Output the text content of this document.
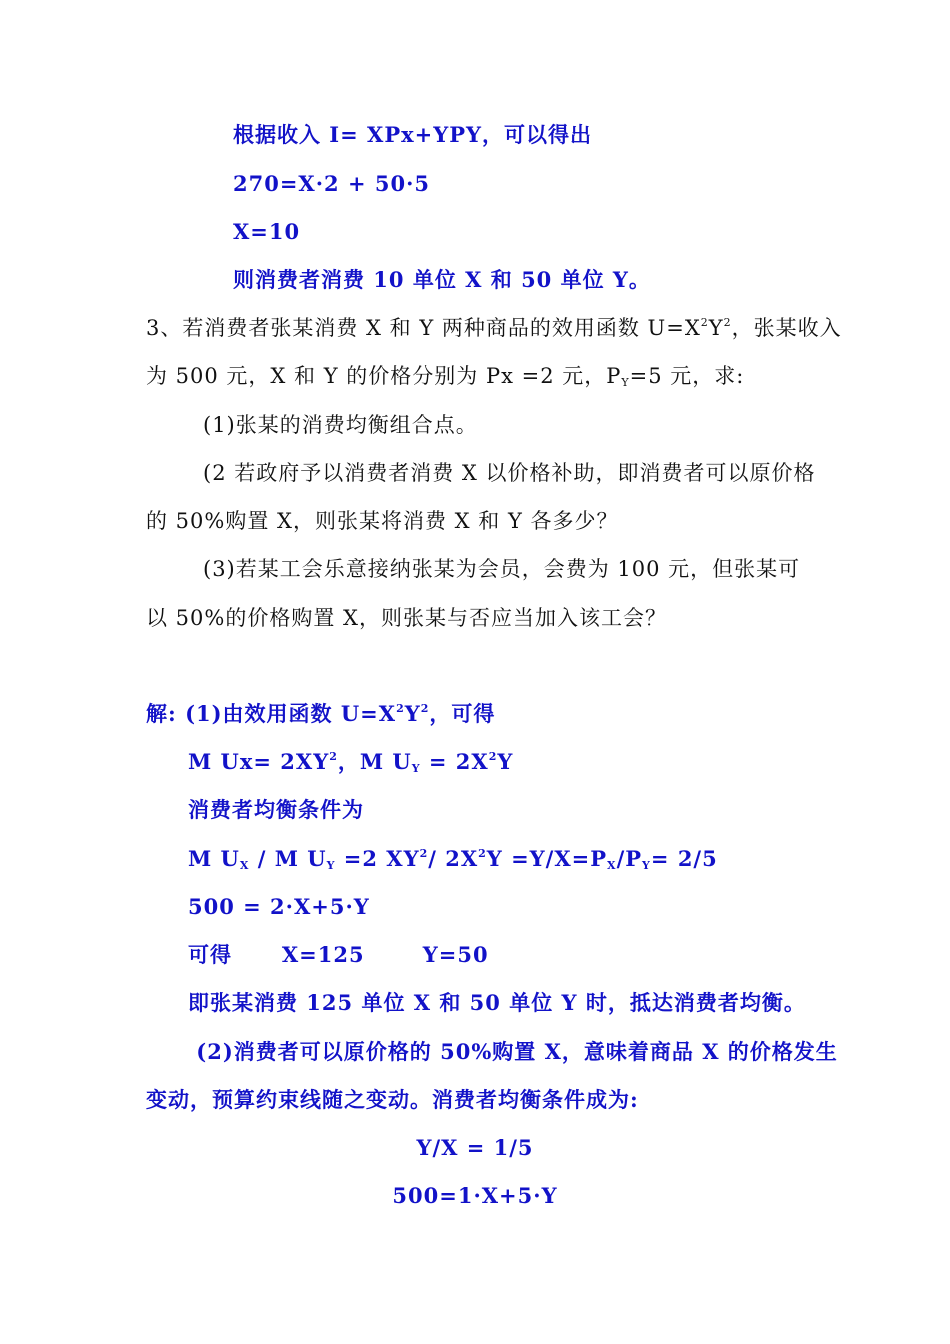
根据收入 I= XPx+YPY，可以得出
270=X·2 + 50·5
X=10
则消费者消费 10 单位 X 和 50 单位 Y。
3、若消费者张某消费 X 和 Y 两种商品的效用函数 $U=X^2Y^2$，张某收入
为 500 元，X 和 Y 的价格分别为 Px =2 元，$P_Y=5$ 元，求:
(1)张某的消费均衡组合点。
(2 若政府予以消费者消费 X 以价格补助，即消费者可以原价格
的 50%购置 X，则张某将消费 X 和 Y 各多少？
(3)若某工会乐意接纳张某为会员，会费为 100 元，但张某可
以 50%的价格购置 X，则张某与否应当加入该工会？
解: (1)由效用函数 $U=X^2Y^2$，可得
M $Ux= 2XY^2$，M $U_Y = 2X^2Y$
消费者均衡条件为
M $U_X$ / M $U_Y =2$ $XY^2/$ $2X^2Y =Y/X=P_X/P_Y= 2/5$
500 = 2·X+5·Y
可得      X=125       Y=50
即张某消费 125 单位 X 和 50 单位 Y 时，抵达消费者均衡。
(2)消费者可以原价格的 50%购置 X，意味着商品 X 的价格发生
变动，预算约束线随之变动。消费者均衡条件成为:
Y/X = 1/5
500=1·X+5·Y
